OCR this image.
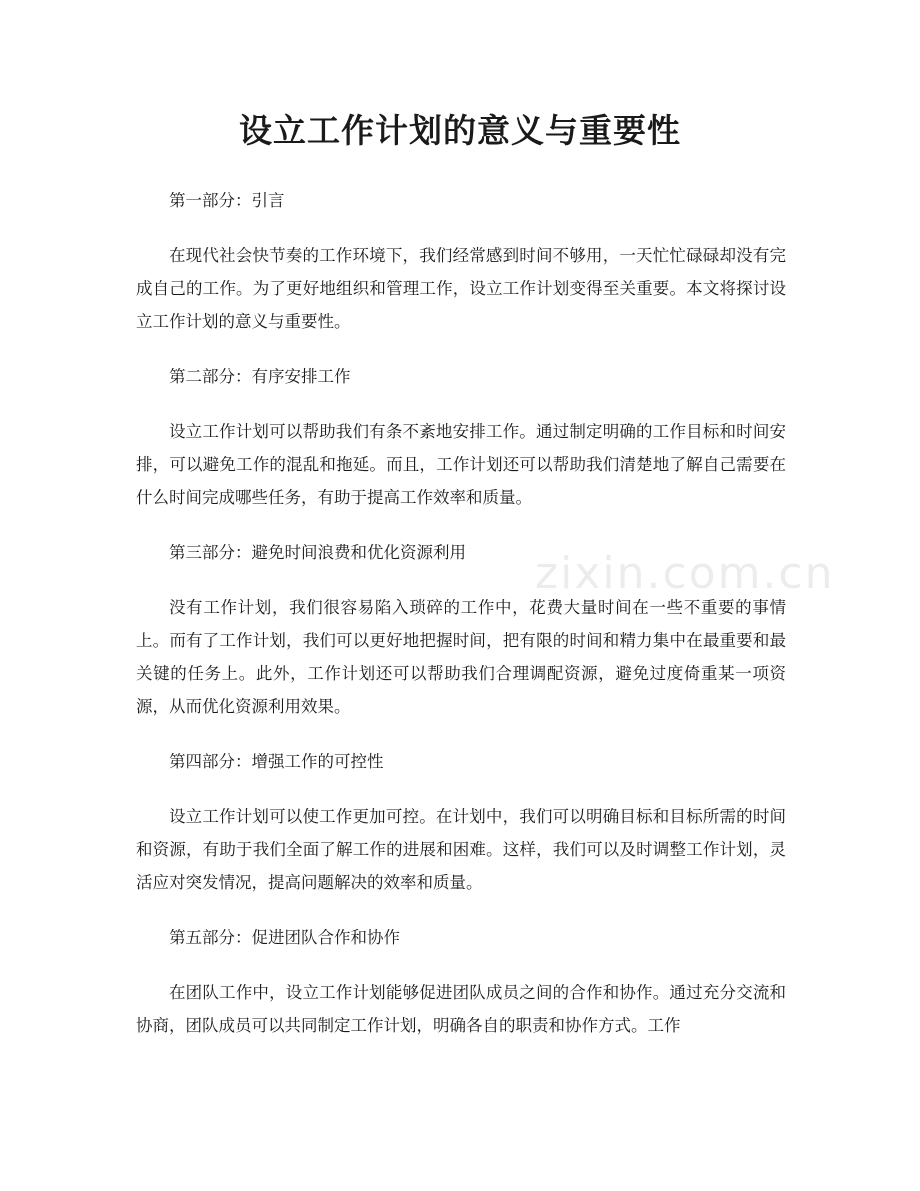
设立工作计划的意义与重要性
zixin.com.cn

第一部分：引言

在现代社会快节奏的工作环境下，我们经常感到时间不够用，一天忙忙碌碌却没有完成自己的工作。为了更好地组织和管理工作，设立工作计划变得至关重要。本文将探讨设立工作计划的意义与重要性。

第二部分：有序安排工作

设立工作计划可以帮助我们有条不紊地安排工作。通过制定明确的工作目标和时间安排，可以避免工作的混乱和拖延。而且，工作计划还可以帮助我们清楚地了解自己需要在什么时间完成哪些任务，有助于提高工作效率和质量。

第三部分：避免时间浪费和优化资源利用

没有工作计划，我们很容易陷入琐碎的工作中，花费大量时间在一些不重要的事情上。而有了工作计划，我们可以更好地把握时间，把有限的时间和精力集中在最重要和最关键的任务上。此外，工作计划还可以帮助我们合理调配资源，避免过度倚重某一项资源，从而优化资源利用效果。

第四部分：增强工作的可控性

设立工作计划可以使工作更加可控。在计划中，我们可以明确目标和目标所需的时间和资源，有助于我们全面了解工作的进展和困难。这样，我们可以及时调整工作计划，灵活应对突发情况，提高问题解决的效率和质量。

第五部分：促进团队合作和协作

在团队工作中，设立工作计划能够促进团队成员之间的合作和协作。通过充分交流和协商，团队成员可以共同制定工作计划，明确各自的职责和协作方式。工作
